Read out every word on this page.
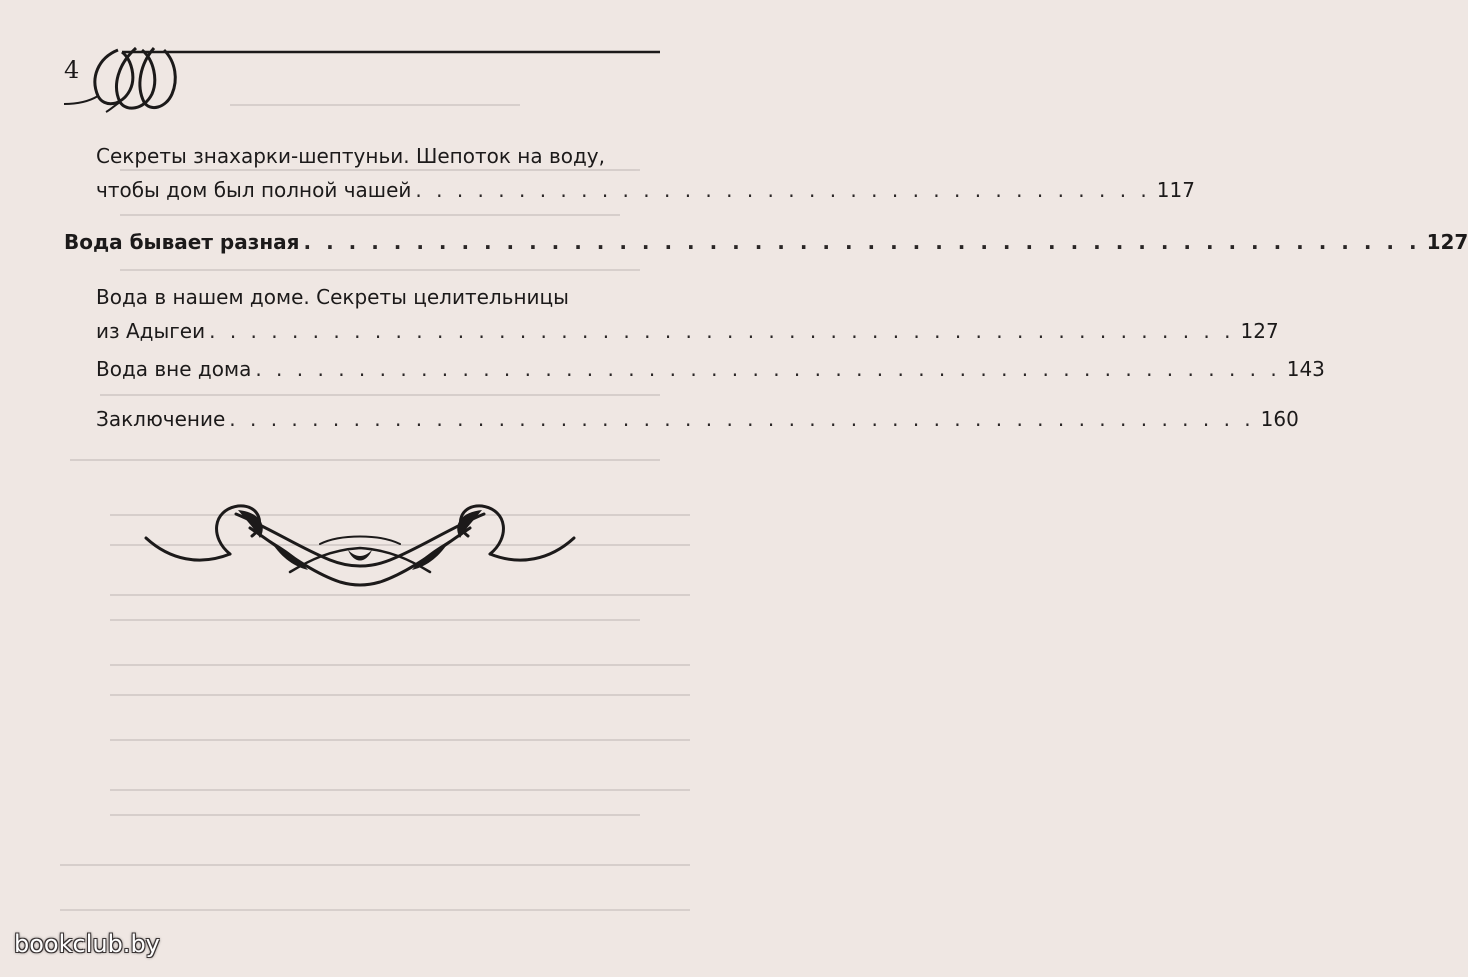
4
Секреты знахарки-шептуньи. Шепоток на воду,
чтобы дом был полной чашей . . . . . . . . . . . . . . . . . . . . . . . . . . . . . . . . . . . . 117
Вода бывает разная . . . . . . . . . . . . . . . . . . . . . . . . . . . . . . . . . . . . . . . . . . . . . . . . . . 127
Вода в нашем доме. Секреты целительницы
из Адыгеи . . . . . . . . . . . . . . . . . . . . . . . . . . . . . . . . . . . . . . . . . . . . . . . . . . 127
Вода вне дома . . . . . . . . . . . . . . . . . . . . . . . . . . . . . . . . . . . . . . . . . . . . . . . . . . 143
Заключение . . . . . . . . . . . . . . . . . . . . . . . . . . . . . . . . . . . . . . . . . . . . . . . . . . 160
bookclub.by
